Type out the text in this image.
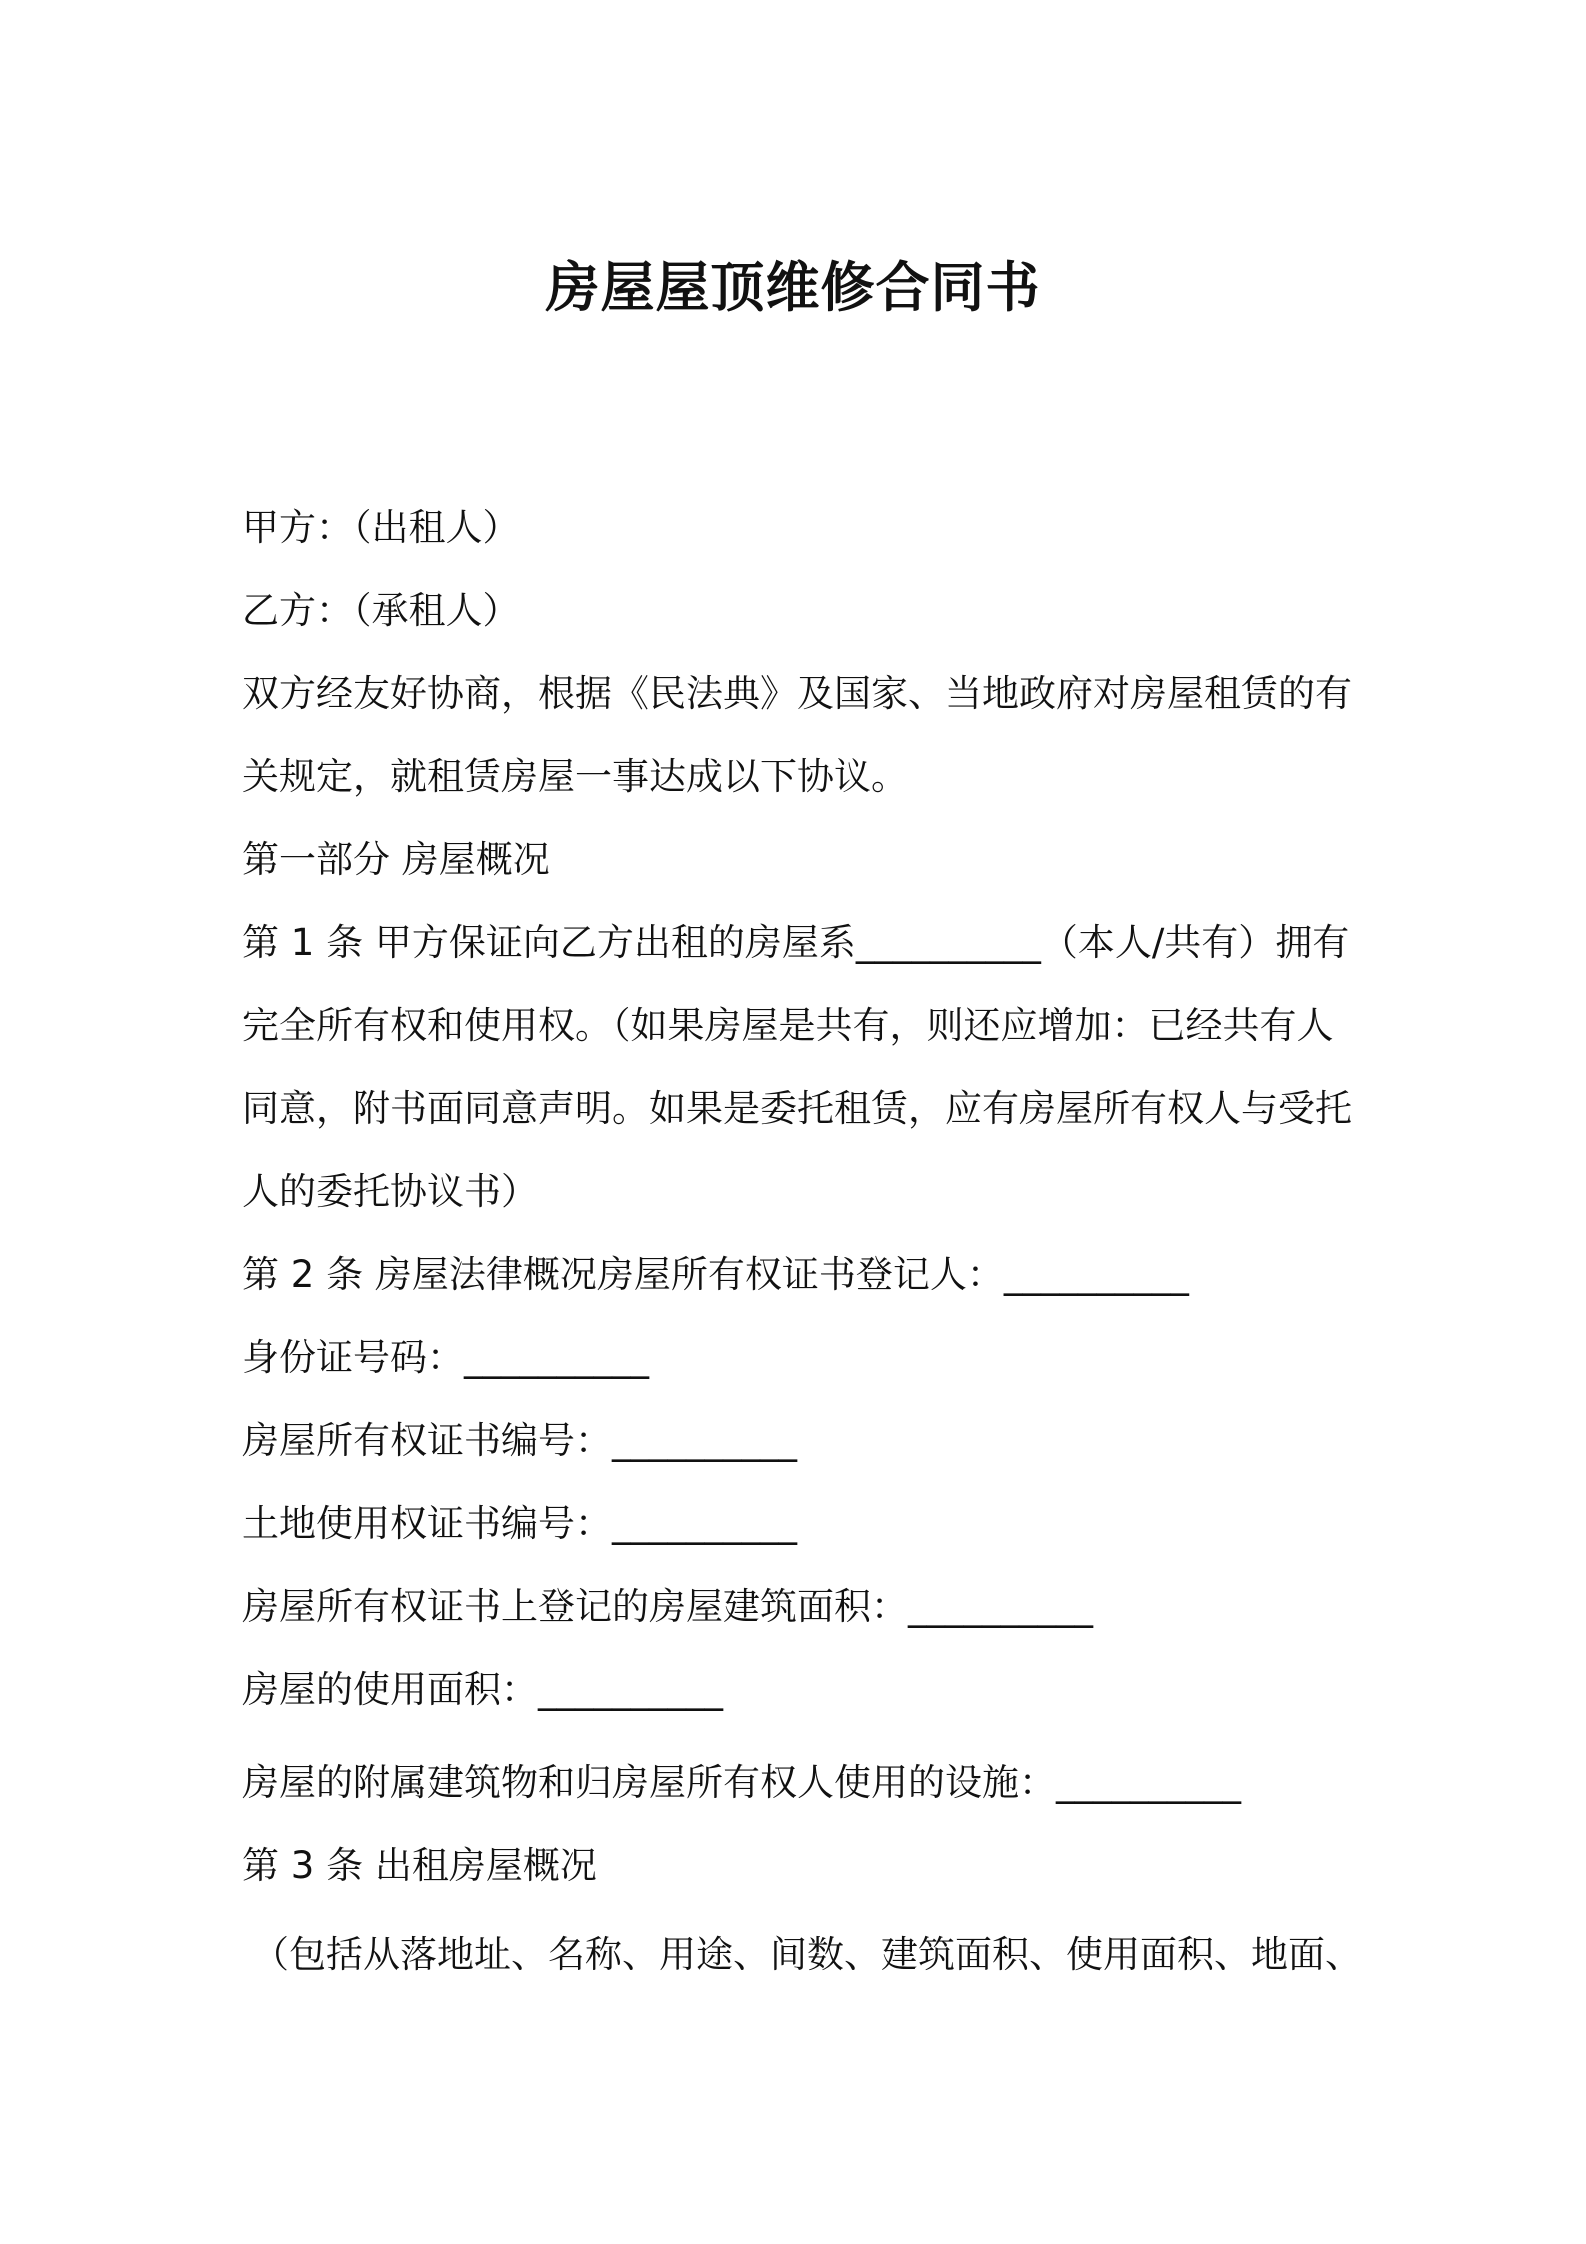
房屋屋顶维修合同书
甲方：（出租人）
乙方：（承租人）
双方经友好协商，根据《民法典》及国家、当地政府对房屋租赁的有
关规定，就租赁房屋一事达成以下协议。
第一部分 房屋概况
第 1 条 甲方保证向乙方出租的房屋系__________（本人/共有）拥有
完全所有权和使用权。（如果房屋是共有，则还应增加：已经共有人
同意，附书面同意声明。如果是委托租赁，应有房屋所有权人与受托
人的委托协议书）
第 2 条 房屋法律概况房屋所有权证书登记人：__________
身份证号码：__________
房屋所有权证书编号：__________
土地使用权证书编号：__________
房屋所有权证书上登记的房屋建筑面积：__________
房屋的使用面积：__________
房屋的附属建筑物和归房屋所有权人使用的设施：__________
第 3 条 出租房屋概况
（包括从落地址、名称、用途、间数、建筑面积、使用面积、地面、
